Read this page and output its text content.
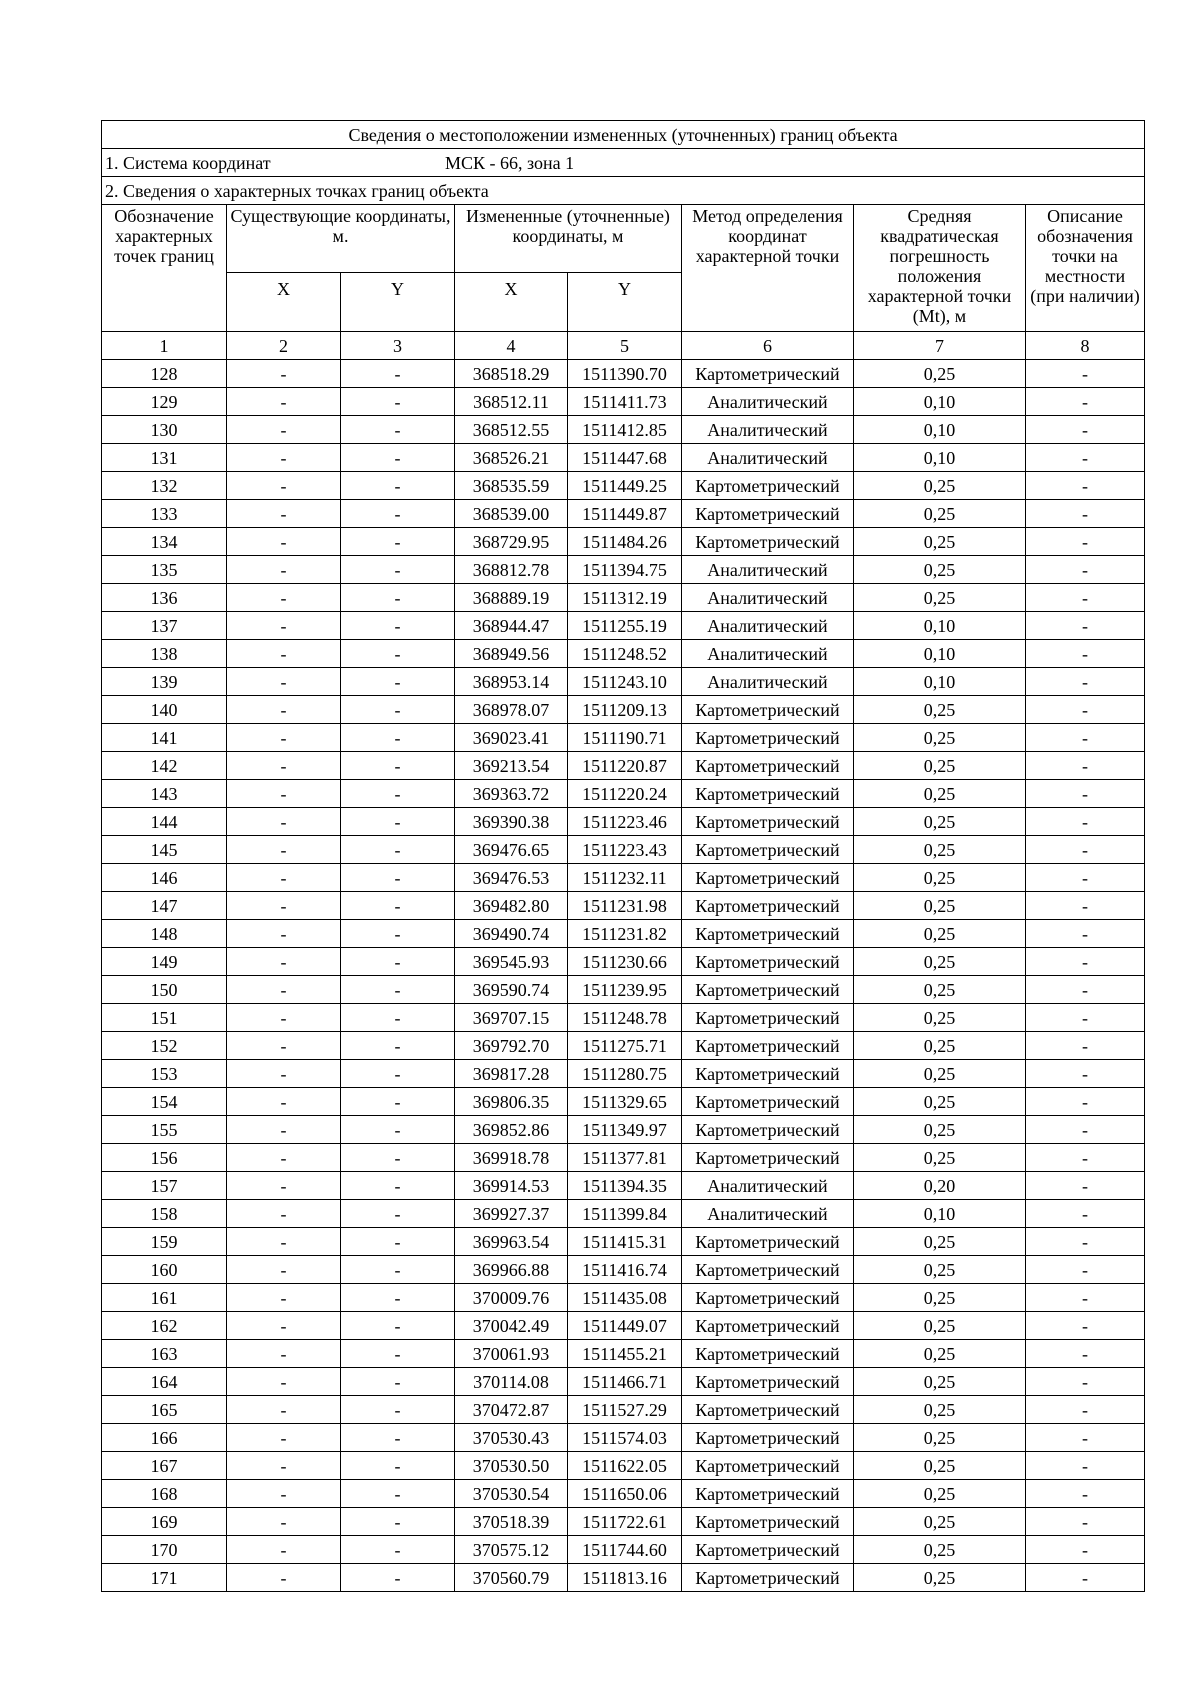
Сведения о местоположении измененных (уточненных) границ объекта							
1. Система координат МСК - 66, зона 1							
2. Сведения о характерных точках границ объекта							
Обозначение характерных точек границ	Существующие координаты, м.		Измененные (уточненные) координаты, м		Метод определения координат характерной точки	Средняя квадратическая погрешность положения характерной точки (Mt), м	Описание обозначения точки на местности (при наличии)
	X	Y	X	Y			
1	2	3	4	5	6	7	8
128	-	-	368518.29	1511390.70	Картометрический	0,25	-
129	-	-	368512.11	1511411.73	Аналитический	0,10	-
130	-	-	368512.55	1511412.85	Аналитический	0,10	-
131	-	-	368526.21	1511447.68	Аналитический	0,10	-
132	-	-	368535.59	1511449.25	Картометрический	0,25	-
133	-	-	368539.00	1511449.87	Картометрический	0,25	-
134	-	-	368729.95	1511484.26	Картометрический	0,25	-
135	-	-	368812.78	1511394.75	Аналитический	0,25	-
136	-	-	368889.19	1511312.19	Аналитический	0,25	-
137	-	-	368944.47	1511255.19	Аналитический	0,10	-
138	-	-	368949.56	1511248.52	Аналитический	0,10	-
139	-	-	368953.14	1511243.10	Аналитический	0,10	-
140	-	-	368978.07	1511209.13	Картометрический	0,25	-
141	-	-	369023.41	1511190.71	Картометрический	0,25	-
142	-	-	369213.54	1511220.87	Картометрический	0,25	-
143	-	-	369363.72	1511220.24	Картометрический	0,25	-
144	-	-	369390.38	1511223.46	Картометрический	0,25	-
145	-	-	369476.65	1511223.43	Картометрический	0,25	-
146	-	-	369476.53	1511232.11	Картометрический	0,25	-
147	-	-	369482.80	1511231.98	Картометрический	0,25	-
148	-	-	369490.74	1511231.82	Картометрический	0,25	-
149	-	-	369545.93	1511230.66	Картометрический	0,25	-
150	-	-	369590.74	1511239.95	Картометрический	0,25	-
151	-	-	369707.15	1511248.78	Картометрический	0,25	-
152	-	-	369792.70	1511275.71	Картометрический	0,25	-
153	-	-	369817.28	1511280.75	Картометрический	0,25	-
154	-	-	369806.35	1511329.65	Картометрический	0,25	-
155	-	-	369852.86	1511349.97	Картометрический	0,25	-
156	-	-	369918.78	1511377.81	Картометрический	0,25	-
157	-	-	369914.53	1511394.35	Аналитический	0,20	-
158	-	-	369927.37	1511399.84	Аналитический	0,10	-
159	-	-	369963.54	1511415.31	Картометрический	0,25	-
160	-	-	369966.88	1511416.74	Картометрический	0,25	-
161	-	-	370009.76	1511435.08	Картометрический	0,25	-
162	-	-	370042.49	1511449.07	Картометрический	0,25	-
163	-	-	370061.93	1511455.21	Картометрический	0,25	-
164	-	-	370114.08	1511466.71	Картометрический	0,25	-
165	-	-	370472.87	1511527.29	Картометрический	0,25	-
166	-	-	370530.43	1511574.03	Картометрический	0,25	-
167	-	-	370530.50	1511622.05	Картометрический	0,25	-
168	-	-	370530.54	1511650.06	Картометрический	0,25	-
169	-	-	370518.39	1511722.61	Картометрический	0,25	-
170	-	-	370575.12	1511744.60	Картометрический	0,25	-
171	-	-	370560.79	1511813.16	Картометрический	0,25	-
